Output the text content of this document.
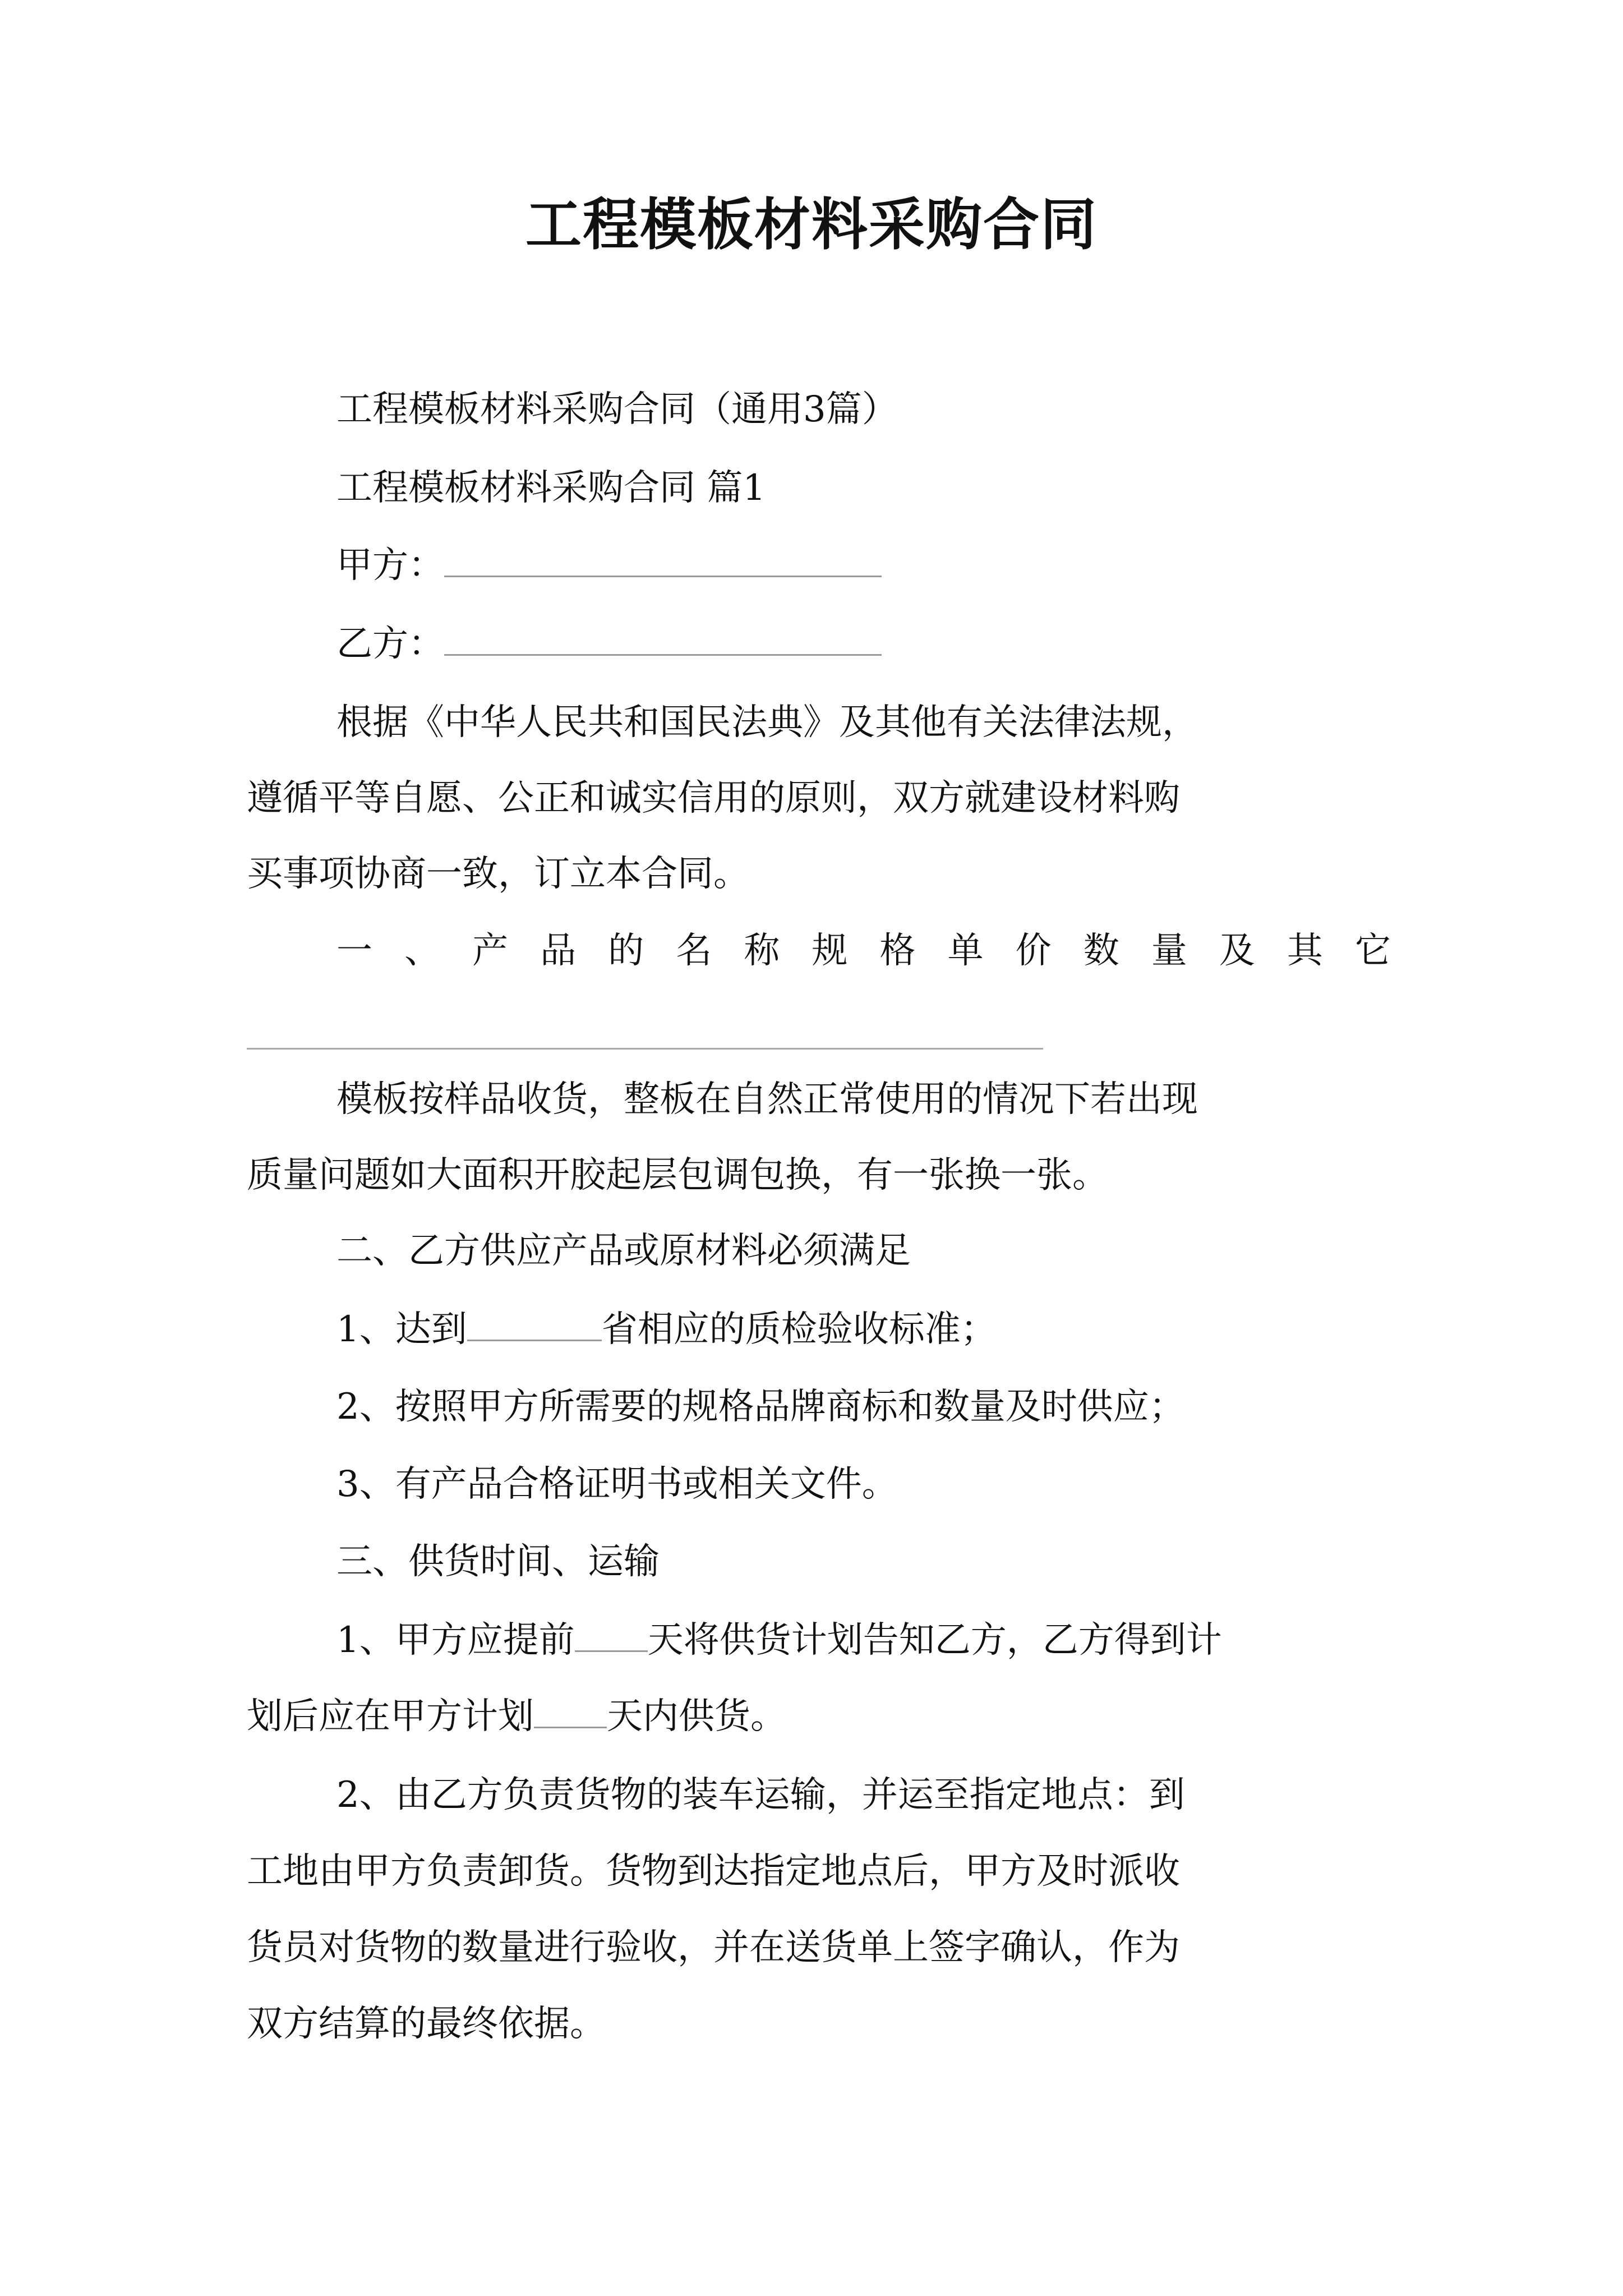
工程模板材料采购合同
工程模板材料采购合同（通用3篇）
工程模板材料采购合同 篇1
甲方：
乙方：
根据《中华人民共和国民法典》及其他有关法律法规，
遵循平等自愿、公正和诚实信用的原则，双方就建设材料购
买事项协商一致，订立本合同。
一 、 产 品 的 名 称 规 格 单 价 数 量 及 其 它
模板按样品收货，整板在自然正常使用的情况下若出现
质量问题如大面积开胶起层包调包换，有一张换一张。
二、乙方供应产品或原材料必须满足
1、达到	省相应的质检验收标准；
2、按照甲方所需要的规格品牌商标和数量及时供应；
3、有产品合格证明书或相关文件。
三、供货时间、运输
1、甲方应提前 天将供货计划告知乙方，乙方得到计
划后应在甲方计划 天内供货。
2、由乙方负责货物的装车运输，并运至指定地点：到
工地由甲方负责卸货。货物到达指定地点后，甲方及时派收
货员对货物的数量进行验收，并在送货单上签字确认，作为
双方结算的最终依据。
